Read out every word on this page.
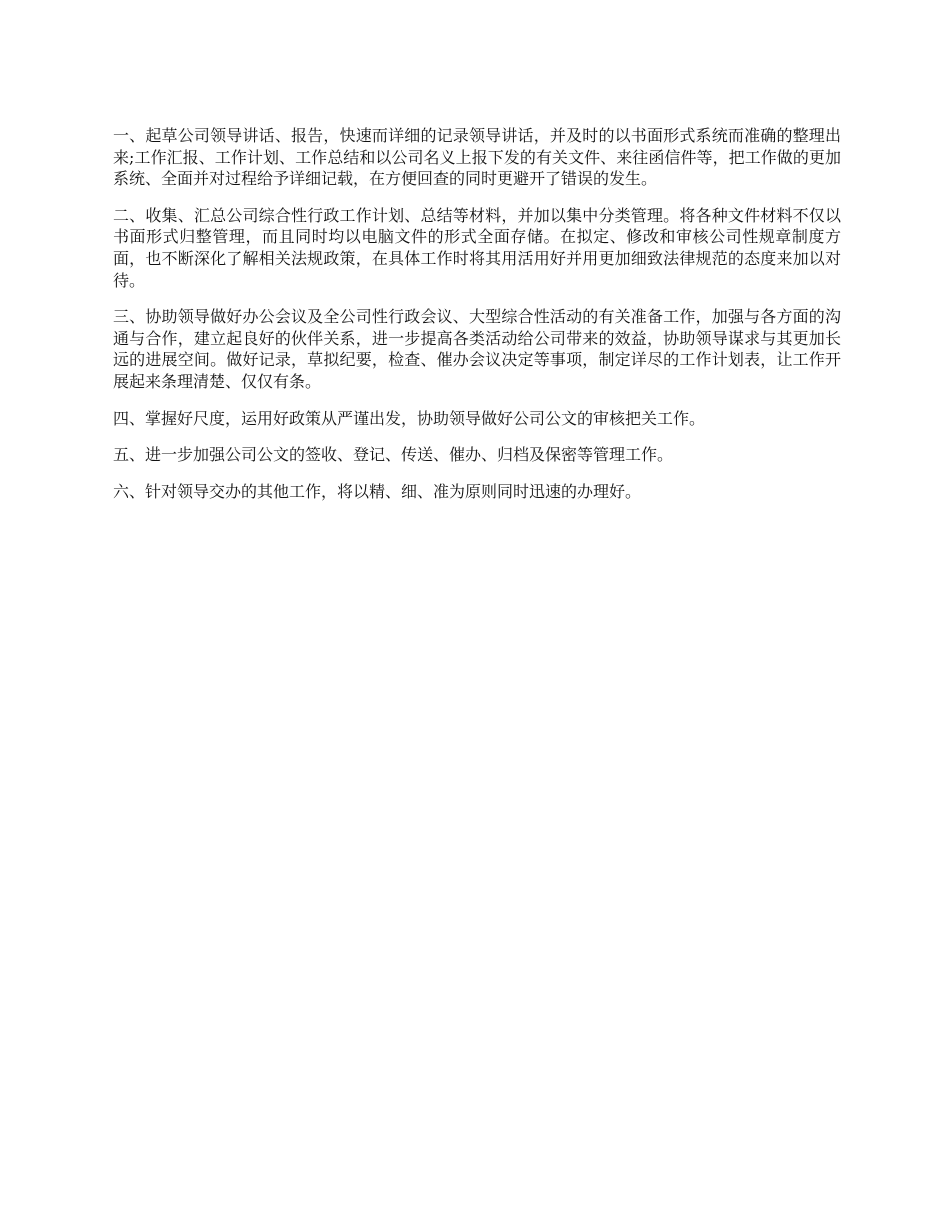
一、起草公司领导讲话、报告，快速而详细的记录领导讲话，并及时的以书面形式系统而准确的整理出来;工作汇报、工作计划、工作总结和以公司名义上报下发的有关文件、来往函信件等，把工作做的更加系统、全面并对过程给予详细记载，在方便回查的同时更避开了错误的发生。

二、收集、汇总公司综合性行政工作计划、总结等材料，并加以集中分类管理。将各种文件材料不仅以书面形式归整管理，而且同时均以电脑文件的形式全面存储。在拟定、修改和审核公司性规章制度方面，也不断深化了解相关法规政策，在具体工作时将其用活用好并用更加细致法律规范的态度来加以对待。

三、协助领导做好办公会议及全公司性行政会议、大型综合性活动的有关准备工作，加强与各方面的沟通与合作，建立起良好的伙伴关系，进一步提高各类活动给公司带来的效益，协助领导谋求与其更加长远的进展空间。做好记录，草拟纪要，检查、催办会议决定等事项，制定详尽的工作计划表，让工作开展起来条理清楚、仅仅有条。

四、掌握好尺度，运用好政策从严谨出发，协助领导做好公司公文的审核把关工作。

五、进一步加强公司公文的签收、登记、传送、催办、归档及保密等管理工作。

六、针对领导交办的其他工作，将以精、细、准为原则同时迅速的办理好。
